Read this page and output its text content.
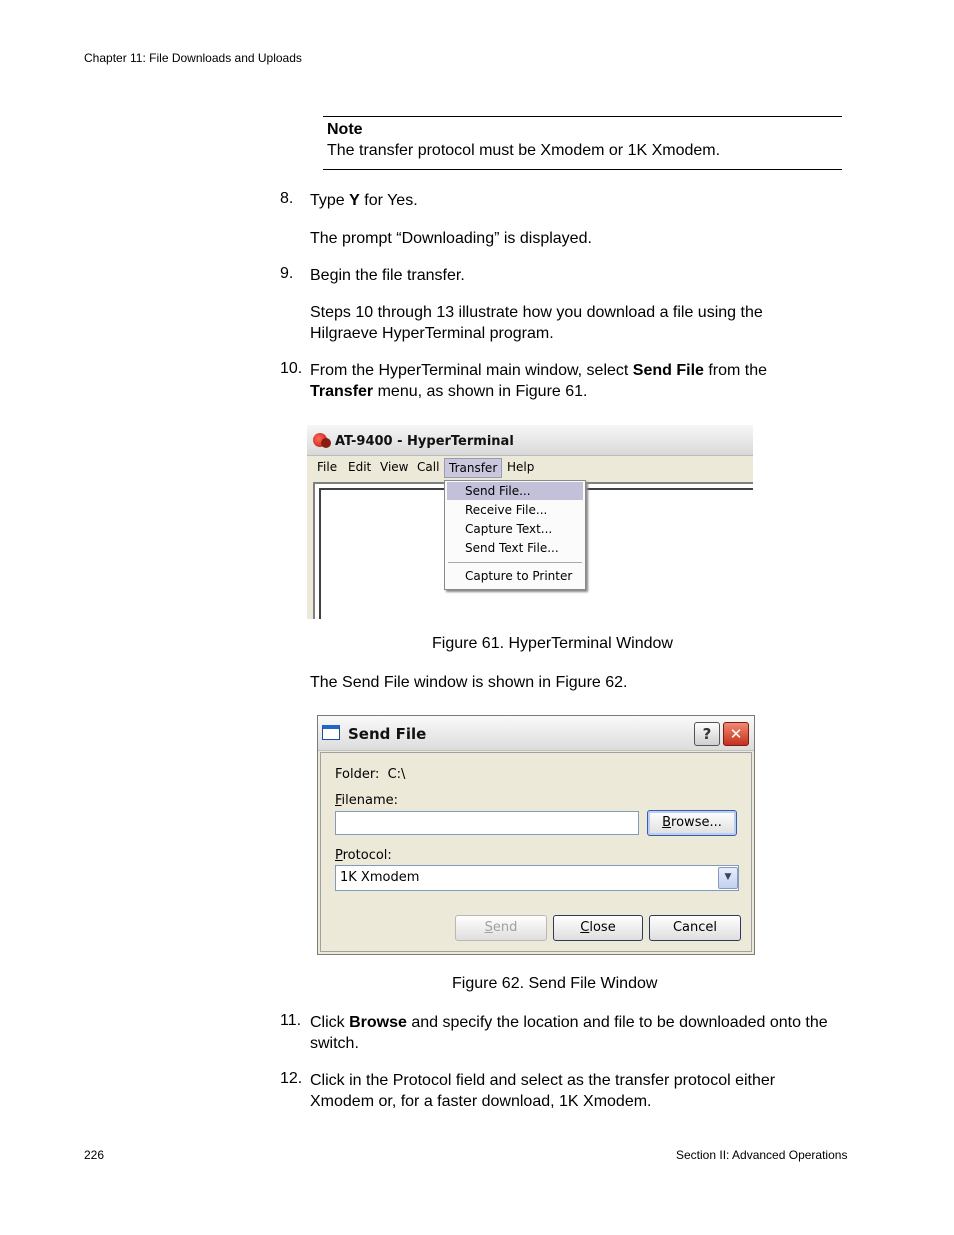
Chapter 11: File Downloads and Uploads
Note
The transfer protocol must be Xmodem or 1K Xmodem.
8. Type Y for Yes.
The prompt “Downloading” is displayed.
9. Begin the file transfer.
Steps 10 through 13 illustrate how you download a file using the Hilgraeve HyperTerminal program.
10. From the HyperTerminal main window, select Send File from the Transfer menu, as shown in Figure 61.
AT-9400 - HyperTerminal
File Edit View Call Transfer Help
Send File...
Receive File...
Capture Text...
Send Text File...
Capture to Printer
Figure 61. HyperTerminal Window
The Send File window is shown in Figure 62.
Send File	?	✕
Folder: C:\
Filename:
Browse...
Protocol:
1K Xmodem	▼
Send	Close	Cancel
Figure 62. Send File Window
11. Click Browse and specify the location and file to be downloaded onto the switch.
12. Click in the Protocol field and select as the transfer protocol either Xmodem or, for a faster download, 1K Xmodem.
226	Section II: Advanced Operations
